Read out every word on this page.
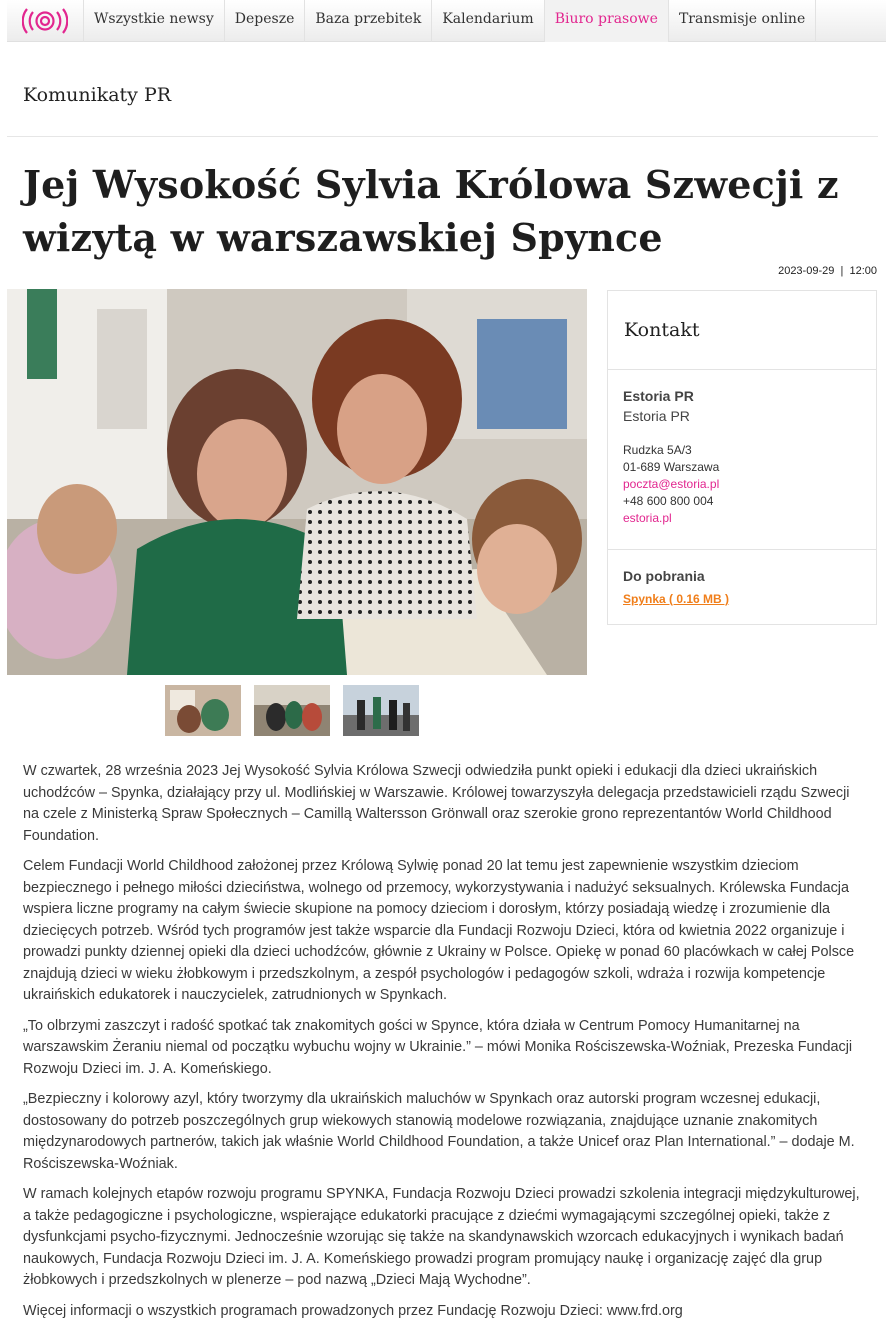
Wszystkie newsy	Depesze	Baza przebitek	Kalendarium	Biuro prasowe	Transmisje online
Komunikaty PR
Jej Wysokość Sylvia Królowa Szwecji z wizytą w warszawskiej Spynce
2023-09-29 | 12:00
Kontakt
Estoria PR
Estoria PR
Rudzka 5A/3
01-689 Warszawa
poczta@estoria.pl
+48 600 800 004
estoria.pl
Do pobrania
Spynka ( 0.16 MB )

W czwartek, 28 września 2023 Jej Wysokość Sylvia Królowa Szwecji odwiedziła punkt opieki i edukacji dla dzieci ukraińskich uchodźców – Spynka, działający przy ul. Modlińskiej w Warszawie. Królowej towarzyszyła delegacja przedstawicieli rządu Szwecji na czele z Ministerką Spraw Społecznych – Camillą Waltersson Grönwall oraz szerokie grono reprezentantów World Childhood Foundation.

Celem Fundacji World Childhood założonej przez Królową Sylwię ponad 20 lat temu jest zapewnienie wszystkim dzieciom bezpiecznego i pełnego miłości dzieciństwa, wolnego od przemocy, wykorzystywania i nadużyć seksualnych. Królewska Fundacja wspiera liczne programy na całym świecie skupione na pomocy dzieciom i dorosłym, którzy posiadają wiedzę i zrozumienie dla dziecięcych potrzeb. Wśród tych programów jest także wsparcie dla Fundacji Rozwoju Dzieci, która od kwietnia 2022 organizuje i prowadzi punkty dziennej opieki dla dzieci uchodźców, głównie z Ukrainy w Polsce. Opiekę w ponad 60 placówkach w całej Polsce znajdują dzieci w wieku żłobkowym i przedszkolnym, a zespół psychologów i pedagogów szkoli, wdraża i rozwija kompetencje ukraińskich edukatorek i nauczycielek, zatrudnionych w Spynkach.

„To olbrzymi zaszczyt i radość spotkać tak znakomitych gości w Spynce, która działa w Centrum Pomocy Humanitarnej na warszawskim Żeraniu niemal od początku wybuchu wojny w Ukrainie.” – mówi Monika Rościszewska-Woźniak, Prezeska Fundacji Rozwoju Dzieci im. J. A. Komeńskiego.

„Bezpieczny i kolorowy azyl, który tworzymy dla ukraińskich maluchów w Spynkach oraz autorski program wczesnej edukacji, dostosowany do potrzeb poszczególnych grup wiekowych stanowią modelowe rozwiązania, znajdujące uznanie znakomitych międzynarodowych partnerów, takich jak właśnie World Childhood Foundation, a także Unicef oraz Plan International.” – dodaje M. Rościszewska-Woźniak.

W ramach kolejnych etapów rozwoju programu SPYNKA, Fundacja Rozwoju Dzieci prowadzi szkolenia integracji międzykulturowej, a także pedagogiczne i psychologiczne, wspierające edukatorki pracujące z dziećmi wymagającymi szczególnej opieki, także z dysfunkcjami psycho-fizycznymi. Jednocześnie wzorując się także na skandynawskich wzorcach edukacyjnych i wynikach badań naukowych, Fundacja Rozwoju Dzieci im. J. A. Komeńskiego prowadzi program promujący naukę i organizację zajęć dla grup żłobkowych i przedszkolnych w plenerze – pod nazwą „Dzieci Mają Wychodne”.

Więcej informacji o wszystkich programach prowadzonych przez Fundację Rozwoju Dzieci: www.frd.org
